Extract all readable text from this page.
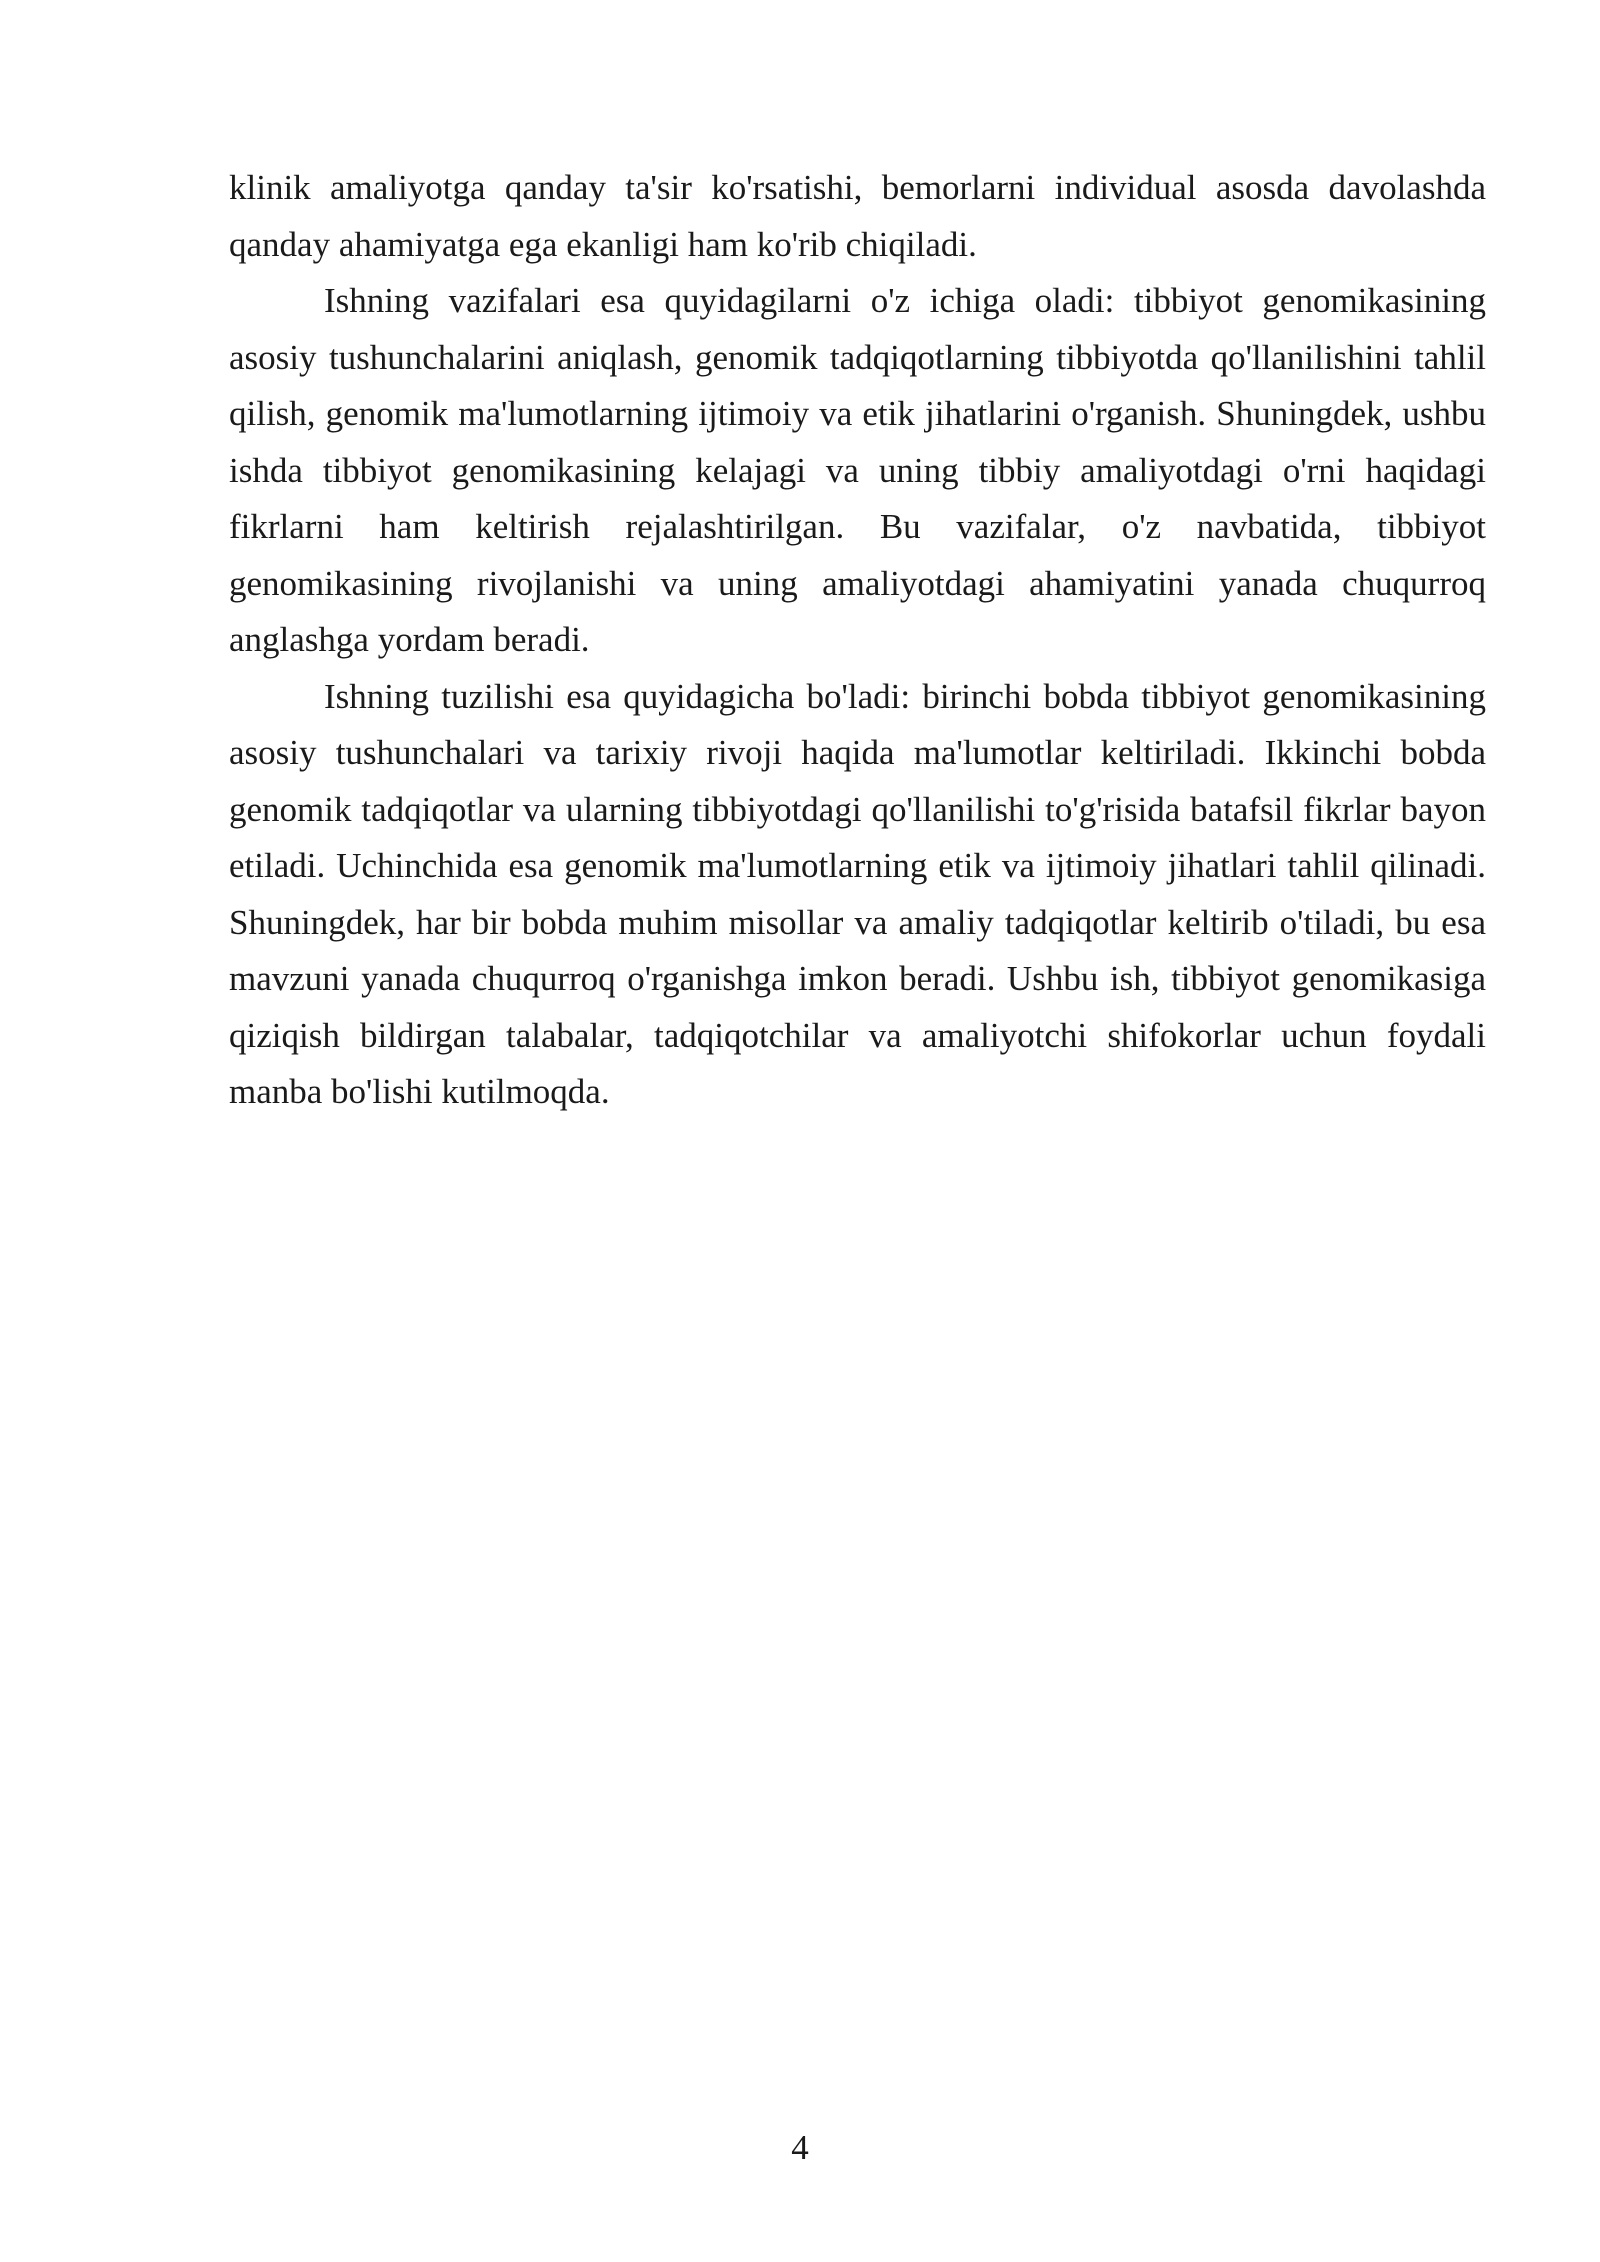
klinik amaliyotga qanday ta'sir ko'rsatishi, bemorlarni individual asosda davolashda qanday ahamiyatga ega ekanligi ham ko'rib chiqiladi.

Ishning vazifalari esa quyidagilarni o'z ichiga oladi: tibbiyot genomikasining asosiy tushunchalarini aniqlash, genomik tadqiqotlarning tibbiyotda qo'llanilishini tahlil qilish, genomik ma'lumotlarning ijtimoiy va etik jihatlarini o'rganish. Shuningdek, ushbu ishda tibbiyot genomikasining kelajagi va uning tibbiy amaliyotdagi o'rni haqidagi fikrlarni ham keltirish rejalashtirilgan. Bu vazifalar, o'z navbatida, tibbiyot genomikasining rivojlanishi va uning amaliyotdagi ahamiyatini yanada chuqurroq anglashga yordam beradi.

Ishning tuzilishi esa quyidagicha bo'ladi: birinchi bobda tibbiyot genomikasining asosiy tushunchalari va tarixiy rivoji haqida ma'lumotlar keltiriladi. Ikkinchi bobda genomik tadqiqotlar va ularning tibbiyotdagi qo'llanilishi to'g'risida batafsil fikrlar bayon etiladi. Uchinchida esa genomik ma'lumotlarning etik va ijtimoiy jihatlari tahlil qilinadi. Shuningdek, har bir bobda muhim misollar va amaliy tadqiqotlar keltirib o'tiladi, bu esa mavzuni yanada chuqurroq o'rganishga imkon beradi. Ushbu ish, tibbiyot genomikasiga qiziqish bildirgan talabalar, tadqiqotchilar va amaliyotchi shifokorlar uchun foydali manba bo'lishi kutilmoqda.

4
